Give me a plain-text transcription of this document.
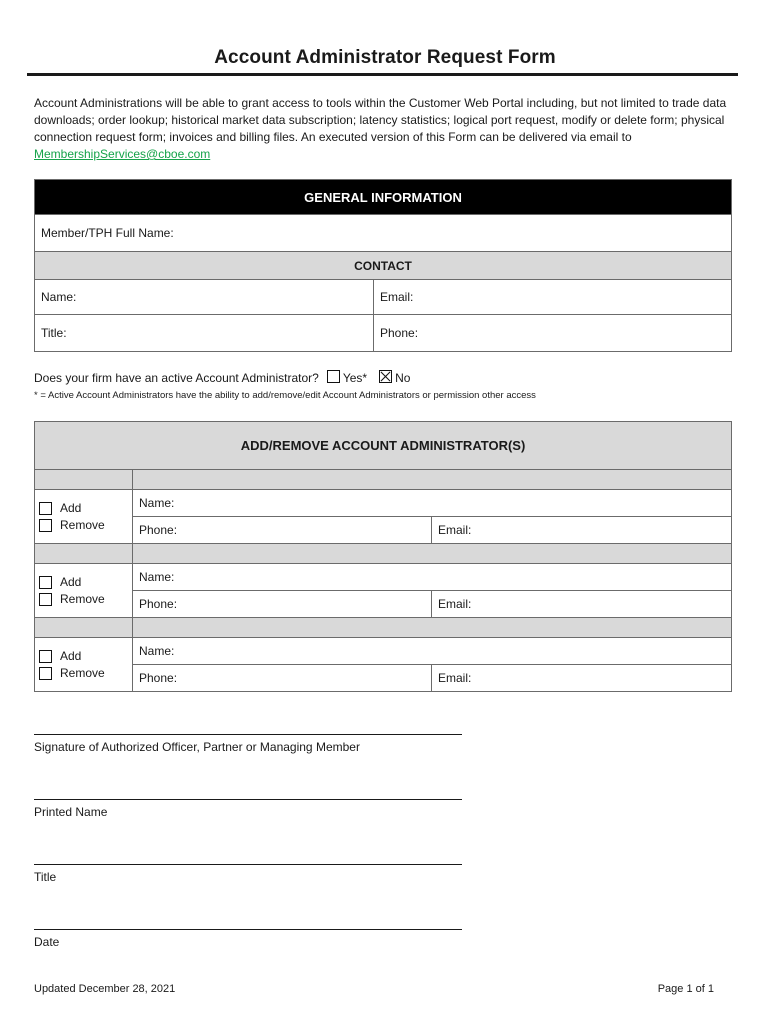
Account Administrator Request Form
Account Administrations will be able to grant access to tools within the Customer Web Portal including, but not limited to trade data downloads; order lookup; historical market data subscription; latency statistics; logical port request, modify or delete form; physical connection request form; invoices and billing files. An executed version of this Form can be delivered via email to MembershipServices@cboe.com
GENERAL INFORMATION	
Member/TPH Full Name:	
CONTACT	
Name:	Email:
Title:	Phone:
Does your firm have an active Account Administrator? Yes* No
* = Active Account Administrators have the ability to add/remove/edit Account Administrators or permission other access
ADD/REMOVE ACCOUNT ADMINISTRATOR(S)		

Add
Remove	Name:	
	Phone:	Email:

Add
Remove	Name:	
	Phone:	Email:

Add
Remove	Name:	
	Phone:	Email:
Signature of Authorized Officer, Partner or Managing Member
Printed Name
Title
Date
Updated December 28, 2021	Page 1 of 1
